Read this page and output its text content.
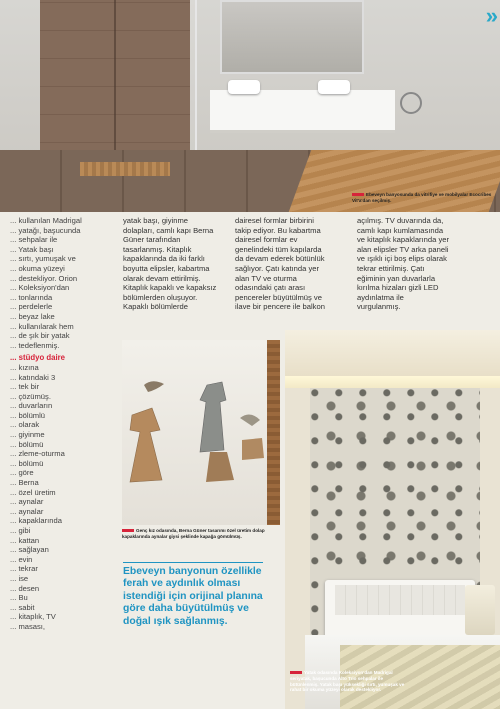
»
Ebeveyn banyosunda da vitrifiye ve mobilyalar Ecocribes Vit'a'dan seçilmiş.

... kullanılan Madrigal

... yatağı, başucunda

... sehpalar ile

... Yatak başı

... sırtı, yumuşak ve

... okuma yüzeyi

... destekliyor. Orion

... Koleksiyon'dan

... tonlarında

... perdelerle

... beyaz lake

... kullanılarak hem

... de şık bir yatak

... tedeflenmiş.

... stüdyo daire

... kızına

... katındaki 3

... tek bir

... çözümüş.

... duvarların

... bölümlü

... olarak

... giyinme

... bölümü

... zleme-oturma

... bölümü

... göre

... Berna

... özel üretim

... aynalar

... aynalar

... kapaklarında

... gibi

... kattan

... sağlayan

... evin

... tekrar

... ise

... desen

... Bu

... sabit

... kitaplık, TV

... masası,

yatak başı, giyinme

dolapları, camlı kapı Berna

Güner tarafından

tasarlanmış. Kitaplık

kapaklarında da iki farklı

boyutta elipsler, kabartma

olarak devam ettirilmiş.

Kitaplık kapaklı ve kapaksız

bölümlerden oluşuyor.

Kapaklı bölümlerde

dairesel formlar birbirini

takip ediyor. Bu kabartma

dairesel formlar ev

genelindeki tüm kapılarda

da devam ederek bütünlük

sağlıyor. Çatı katında yer

alan TV ve oturma

odasındaki çatı arası

pencereler büyütülmüş ve

ilave bir pencere ile balkon

açılmış. TV duvarında da,

camlı kapı kumlamasında

ve kitaplık kapaklarında yer

alan elipsler TV arka paneli

ve ışıklı içi boş elips olarak

tekrar ettirilmiş. Çatı

eğiminin yan duvarlarla

kırılma hizaları gizli LED

aydınlatma ile

vurgulanmış.

Genç kız odasında, Berna Güner tasarımı özel üretim dolap kapaklarında aynalar giysi şeklinde kapağa gömülmüş.
Ebeveyn banyonun özellikle ferah ve aydınlık olması istendiği için orijinal planına göre daha büyütülmüş ve doğal ışık sağlanmış.
Yatak odasında Koleksiyon'dan Madrigal seriyatak, başucunda Alto Trio sehpalar ile bütünlenmiş. Yatak başı yüksekliği sırtı, yumuşak ve rahat bir okuma yüzeyi olarak destekliyor.
